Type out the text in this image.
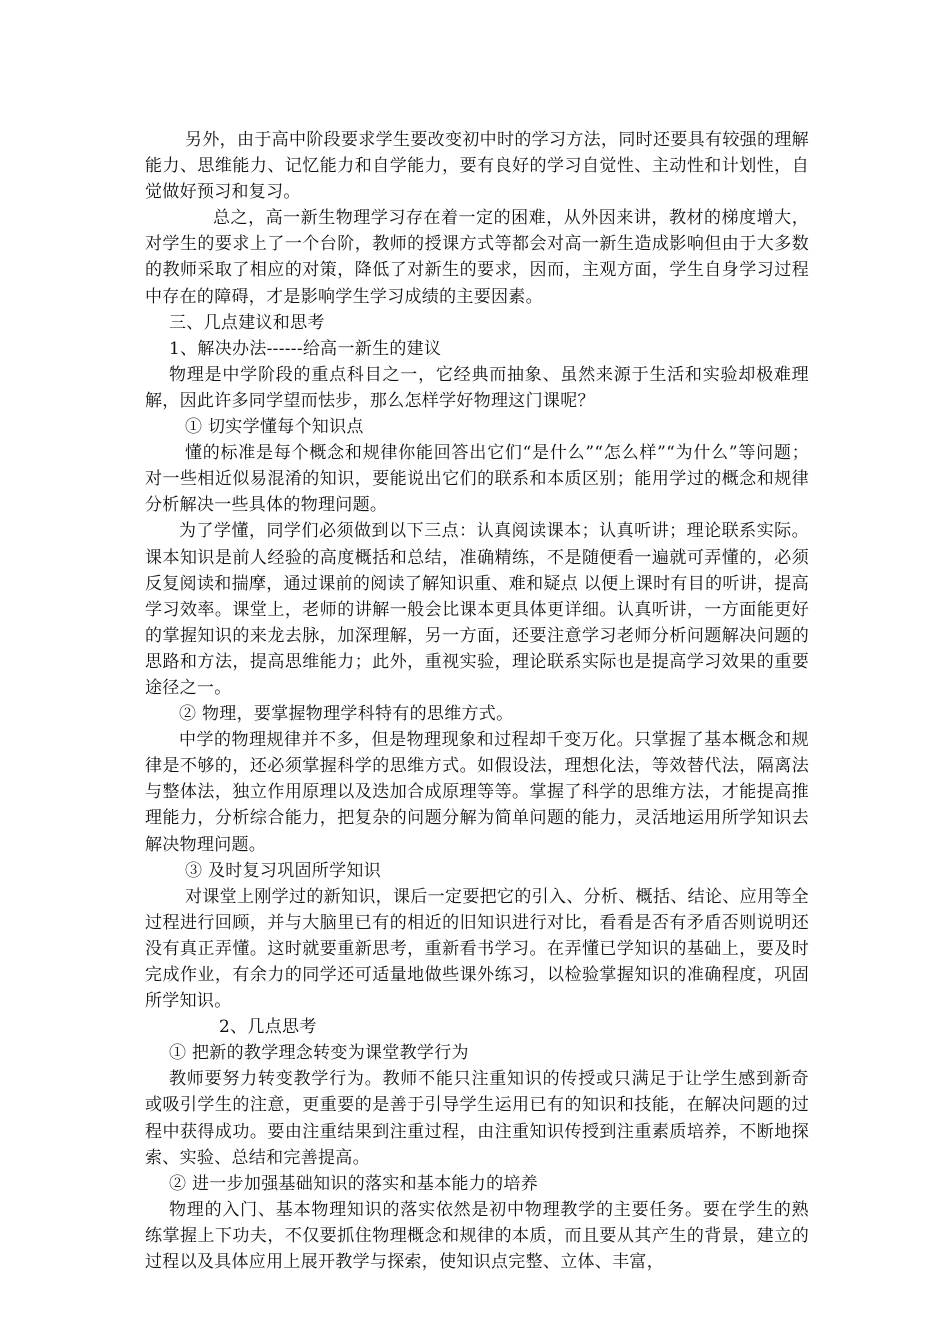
另外，由于高中阶段要求学生要改变初中时的学习方法，同时还要具有较强的理解能力、思维能力、记忆能力和自学能力，要有良好的学习自觉性、主动性和计划性，自觉做好预习和复习。

总之，高一新生物理学习存在着一定的困难，从外因来讲，教材的梯度增大，对学生的要求上了一个台阶，教师的授课方式等都会对高一新生造成影响但由于大多数的教师采取了相应的对策，降低了对新生的要求，因而，主观方面，学生自身学习过程中存在的障碍，才是影响学生学习成绩的主要因素。

三、几点建议和思考

1、解决办法------给高一新生的建议

物理是中学阶段的重点科目之一，它经典而抽象、虽然来源于生活和实验却极难理解，因此许多同学望而怯步，那么怎样学好物理这门课呢？

① 切实学懂每个知识点

懂的标准是每个概念和规律你能回答出它们“是什么”“怎么样”“为什么”等问题；对一些相近似易混淆的知识，要能说出它们的联系和本质区别；能用学过的概念和规律分析解决一些具体的物理问题。

为了学懂，同学们必须做到以下三点：认真阅读课本；认真听讲；理论联系实际。课本知识是前人经验的高度概括和总结，准确精练，不是随便看一遍就可弄懂的，必须反复阅读和揣摩，通过课前的阅读了解知识重、难和疑点 以便上课时有目的听讲，提高学习效率。课堂上，老师的讲解一般会比课本更具体更详细。认真听讲，一方面能更好的掌握知识的来龙去脉，加深理解，另一方面，还要注意学习老师分析问题解决问题的思路和方法，提高思维能力；此外，重视实验，理论联系实际也是提高学习效果的重要途径之一。

② 物理，要掌握物理学科特有的思维方式。

中学的物理规律并不多，但是物理现象和过程却千变万化。只掌握了基本概念和规律是不够的，还必须掌握科学的思维方式。如假设法，理想化法，等效替代法，隔离法与整体法，独立作用原理以及迭加合成原理等等。掌握了科学的思维方法，才能提高推理能力，分析综合能力，把复杂的问题分解为简单问题的能力，灵活地运用所学知识去解决物理问题。

③ 及时复习巩固所学知识

对课堂上刚学过的新知识，课后一定要把它的引入、分析、概括、结论、应用等全过程进行回顾，并与大脑里已有的相近的旧知识进行对比，看看是否有矛盾否则说明还没有真正弄懂。这时就要重新思考，重新看书学习。在弄懂已学知识的基础上，要及时完成作业，有余力的同学还可适量地做些课外练习，以检验掌握知识的准确程度，巩固所学知识。

2、几点思考

① 把新的教学理念转变为课堂教学行为

教师要努力转变教学行为。教师不能只注重知识的传授或只满足于让学生感到新奇或吸引学生的注意，更重要的是善于引导学生运用已有的知识和技能，在解决问题的过程中获得成功。要由注重结果到注重过程，由注重知识传授到注重素质培养，不断地探索、实验、总结和完善提高。

② 进一步加强基础知识的落实和基本能力的培养

物理的入门、基本物理知识的落实依然是初中物理教学的主要任务。要在学生的熟练掌握上下功夫，不仅要抓住物理概念和规律的本质，而且要从其产生的背景，建立的过程以及具体应用上展开教学与探索，使知识点完整、立体、丰富，
